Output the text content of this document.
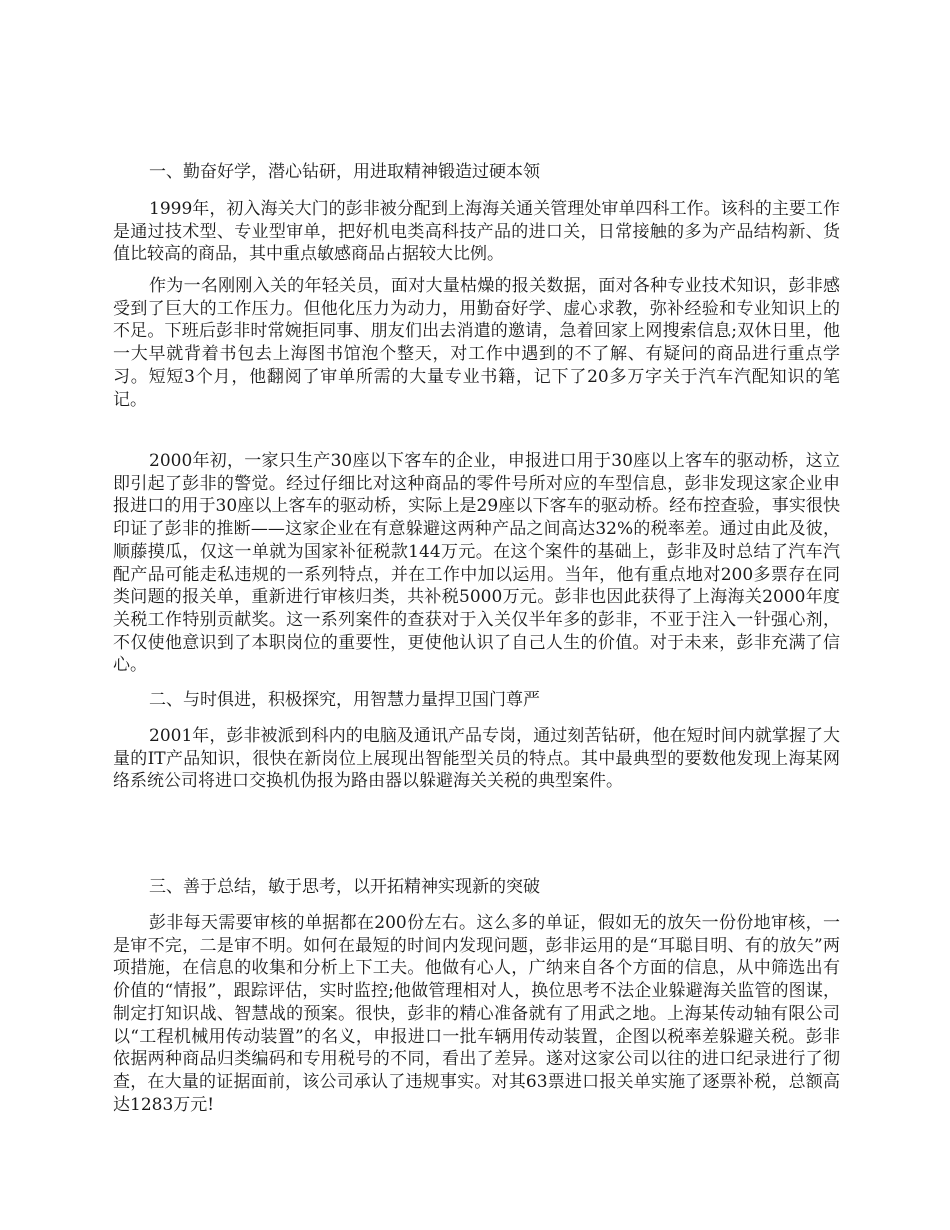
一、勤奋好学，潜心钻研，用进取精神锻造过硬本领

1999年，初入海关大门的彭非被分配到上海海关通关管理处审单四科工作。该科的主要工作是通过技术型、专业型审单，把好机电类高科技产品的进口关，日常接触的多为产品结构新、货值比较高的商品，其中重点敏感商品占据较大比例。

作为一名刚刚入关的年轻关员，面对大量枯燥的报关数据，面对各种专业技术知识，彭非感受到了巨大的工作压力。但他化压力为动力，用勤奋好学、虚心求教，弥补经验和专业知识上的不足。下班后彭非时常婉拒同事、朋友们出去消遣的邀请，急着回家上网搜索信息;双休日里，他一大早就背着书包去上海图书馆泡个整天，对工作中遇到的不了解、有疑问的商品进行重点学习。短短3个月，他翻阅了审单所需的大量专业书籍，记下了20多万字关于汽车汽配知识的笔记。

2000年初，一家只生产30座以下客车的企业，申报进口用于30座以上客车的驱动桥，这立即引起了彭非的警觉。经过仔细比对这种商品的零件号所对应的车型信息，彭非发现这家企业申报进口的用于30座以上客车的驱动桥，实际上是29座以下客车的驱动桥。经布控查验，事实很快印证了彭非的推断——这家企业在有意躲避这两种产品之间高达32%的税率差。通过由此及彼，顺藤摸瓜，仅这一单就为国家补征税款144万元。在这个案件的基础上，彭非及时总结了汽车汽配产品可能走私违规的一系列特点，并在工作中加以运用。当年，他有重点地对200多票存在同类问题的报关单，重新进行审核归类，共补税5000万元。彭非也因此获得了上海海关2000年度关税工作特别贡献奖。这一系列案件的查获对于入关仅半年多的彭非，不亚于注入一针强心剂，不仅使他意识到了本职岗位的重要性，更使他认识了自己人生的价值。对于未来，彭非充满了信心。

二、与时俱进，积极探究，用智慧力量捍卫国门尊严

2001年，彭非被派到科内的电脑及通讯产品专岗，通过刻苦钻研，他在短时间内就掌握了大量的IT产品知识，很快在新岗位上展现出智能型关员的特点。其中最典型的要数他发现上海某网络系统公司将进口交换机伪报为路由器以躲避海关关税的典型案件。

三、善于总结，敏于思考，以开拓精神实现新的突破

彭非每天需要审核的单据都在200份左右。这么多的单证，假如无的放矢一份份地审核，一是审不完，二是审不明。如何在最短的时间内发现问题，彭非运用的是“耳聪目明、有的放矢”两项措施，在信息的收集和分析上下工夫。他做有心人，广纳来自各个方面的信息，从中筛选出有价值的“情报”，跟踪评估，实时监控;他做管理相对人，换位思考不法企业躲避海关监管的图谋，制定打知识战、智慧战的预案。很快，彭非的精心准备就有了用武之地。上海某传动轴有限公司以“工程机械用传动装置”的名义，申报进口一批车辆用传动装置，企图以税率差躲避关税。彭非依据两种商品归类编码和专用税号的不同，看出了差异。遂对这家公司以往的进口纪录进行了彻查，在大量的证据面前，该公司承认了违规事实。对其63票进口报关单实施了逐票补税，总额高达1283万元!
